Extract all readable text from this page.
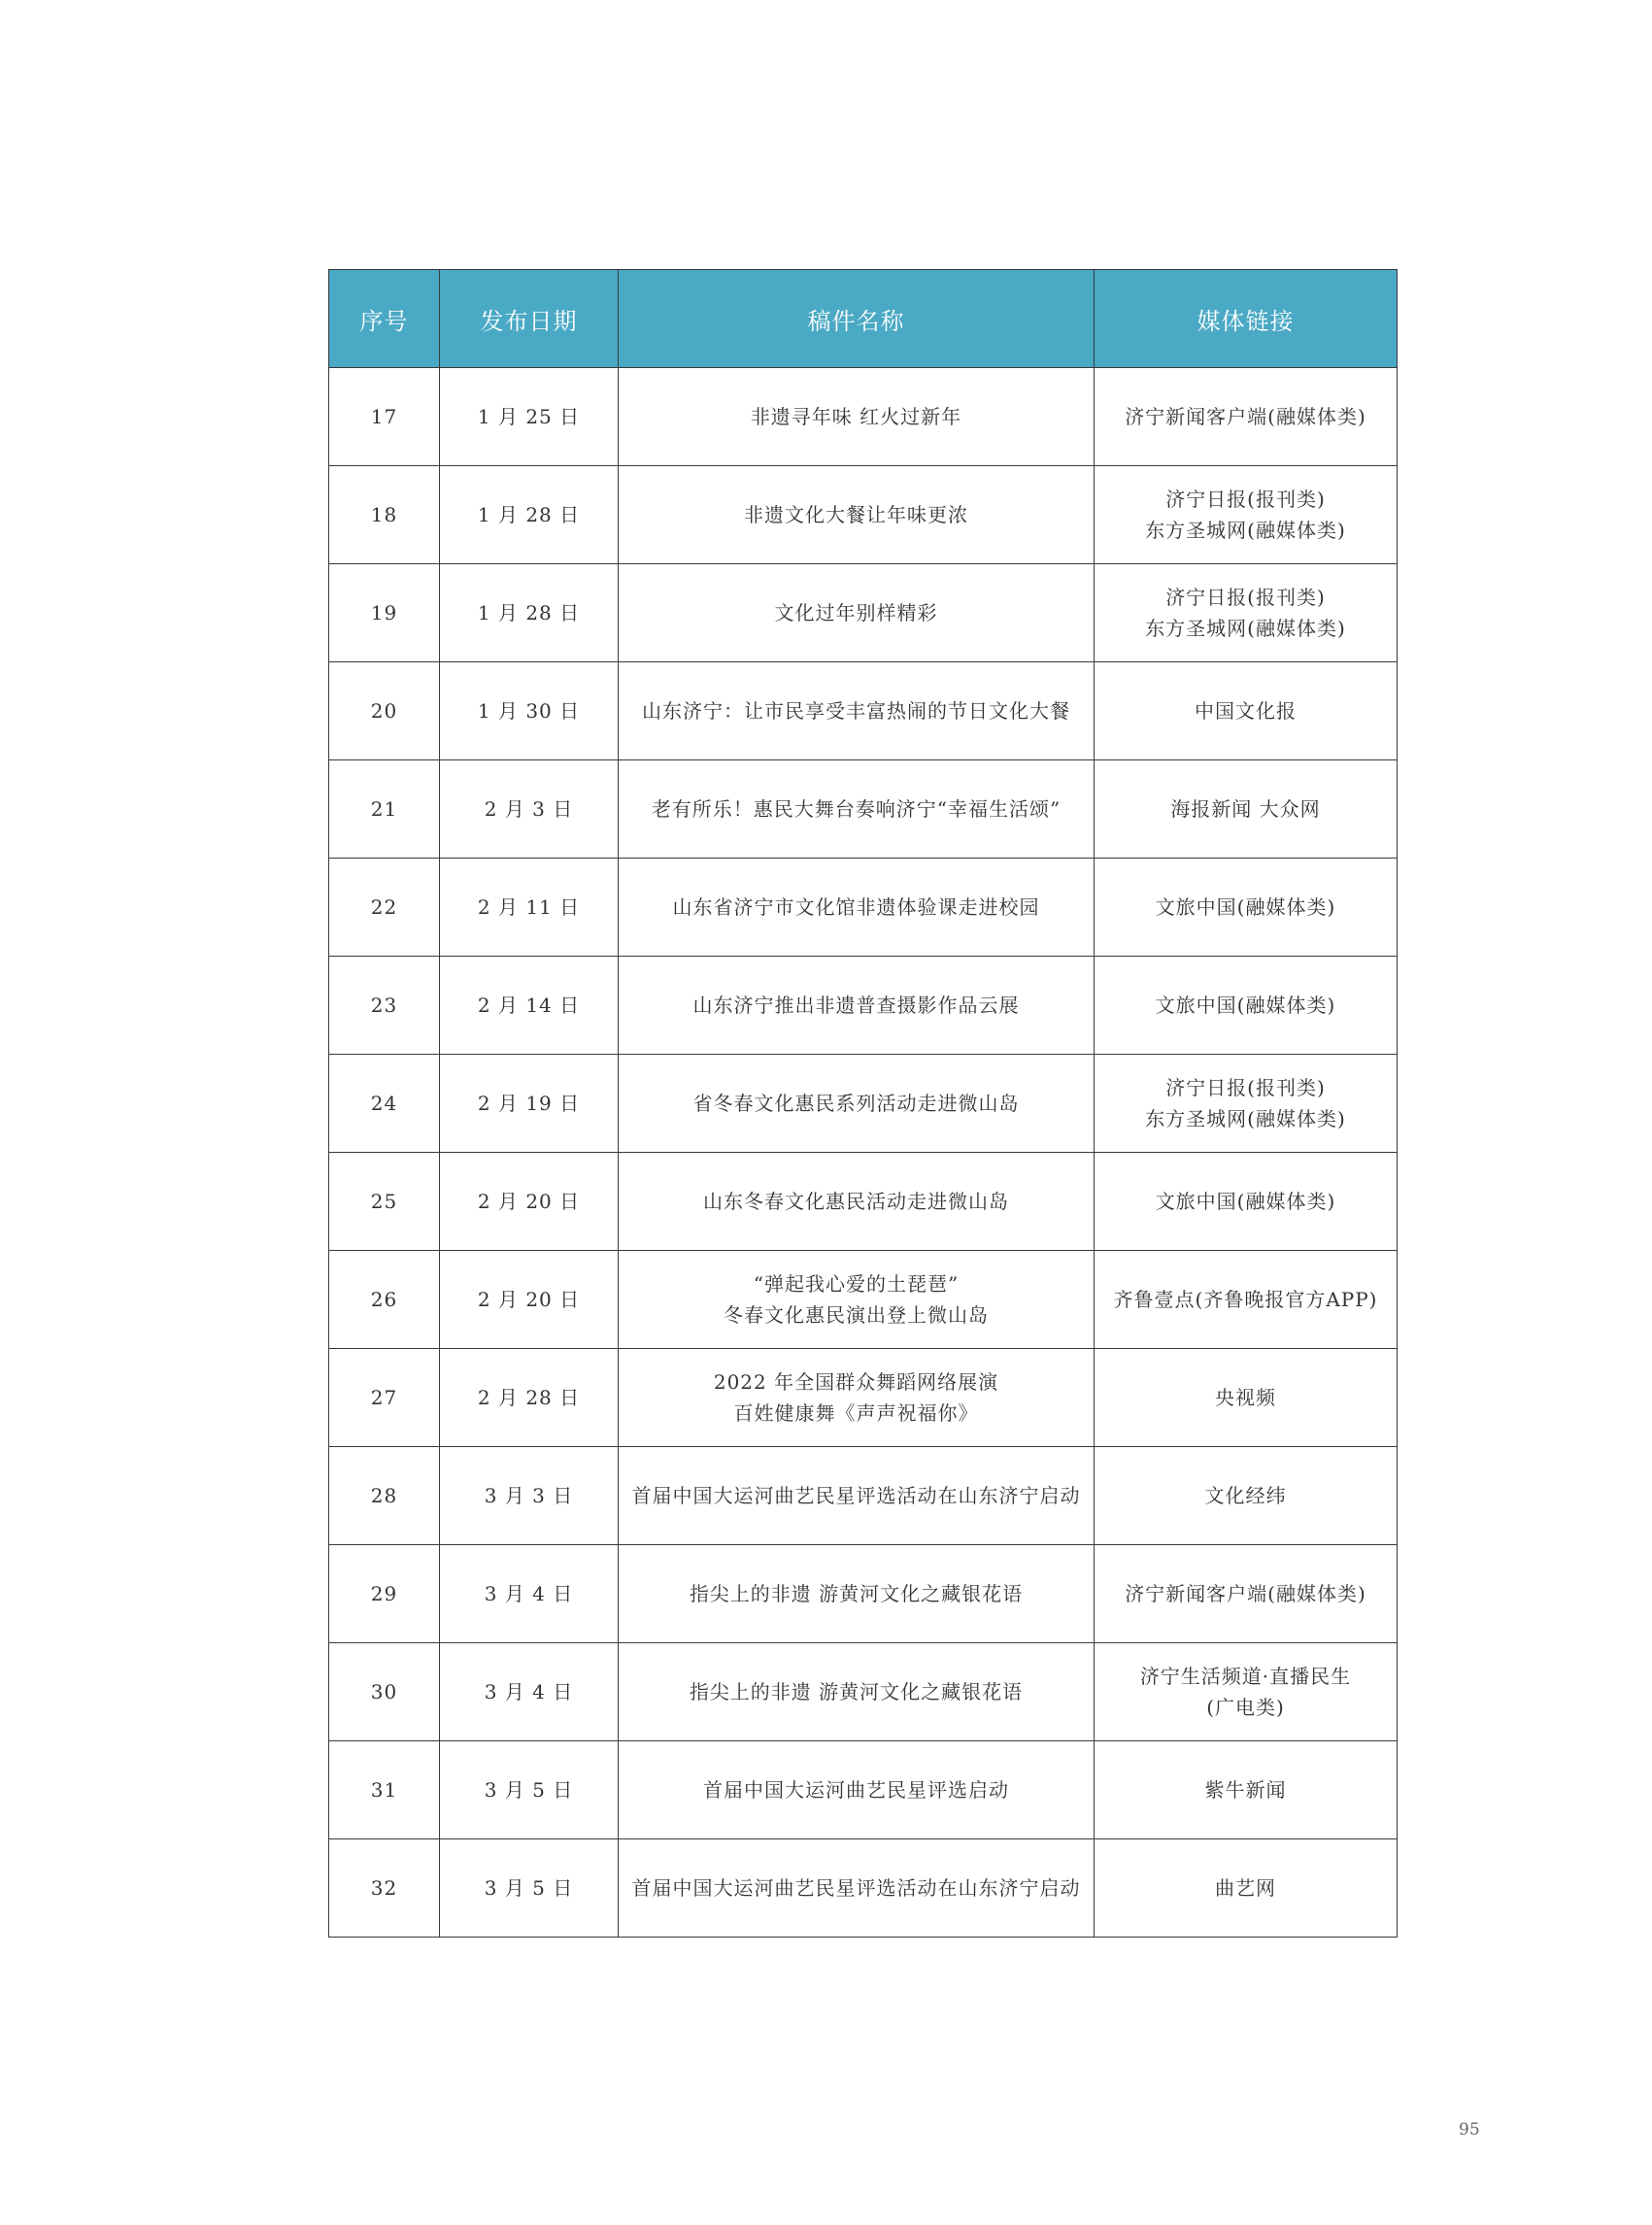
序号	发布日期	稿件名称	媒体链接
17	1 月 25 日	非遗寻年味 红火过新年	济宁新闻客户端(融媒体类)

18	1 月 28 日	非遗文化大餐让年味更浓	济宁日报(报刊类)
东方圣城网(融媒体类)

19	1 月 28 日	文化过年别样精彩	济宁日报(报刊类)
东方圣城网(融媒体类)

20	1 月 30 日	山东济宁：让市民享受丰富热闹的节日文化大餐	中国文化报

21	2 月 3 日	老有所乐！惠民大舞台奏响济宁“幸福生活颂”	海报新闻 大众网

22	2 月 11 日	山东省济宁市文化馆非遗体验课走进校园	文旅中国(融媒体类)

23	2 月 14 日	山东济宁推出非遗普查摄影作品云展	文旅中国(融媒体类)

24	2 月 19 日	省冬春文化惠民系列活动走进微山岛	济宁日报(报刊类)
东方圣城网(融媒体类)

25	2 月 20 日	山东冬春文化惠民活动走进微山岛	文旅中国(融媒体类)

26	2 月 20 日	“弹起我心爱的土琵琶”
冬春文化惠民演出登上微山岛	齐鲁壹点(齐鲁晚报官方APP)

27	2 月 28 日	2022 年全国群众舞蹈网络展演
百姓健康舞《声声祝福你》	央视频

28	3 月 3 日	首届中国大运河曲艺民星评选活动在山东济宁启动	文化经纬

29	3 月 4 日	指尖上的非遗 游黄河文化之藏银花语	济宁新闻客户端(融媒体类)

30	3 月 4 日	指尖上的非遗 游黄河文化之藏银花语	济宁生活频道·直播民生
(广电类)

31	3 月 5 日	首届中国大运河曲艺民星评选启动	紫牛新闻

32	3 月 5 日	首届中国大运河曲艺民星评选活动在山东济宁启动	曲艺网
95
